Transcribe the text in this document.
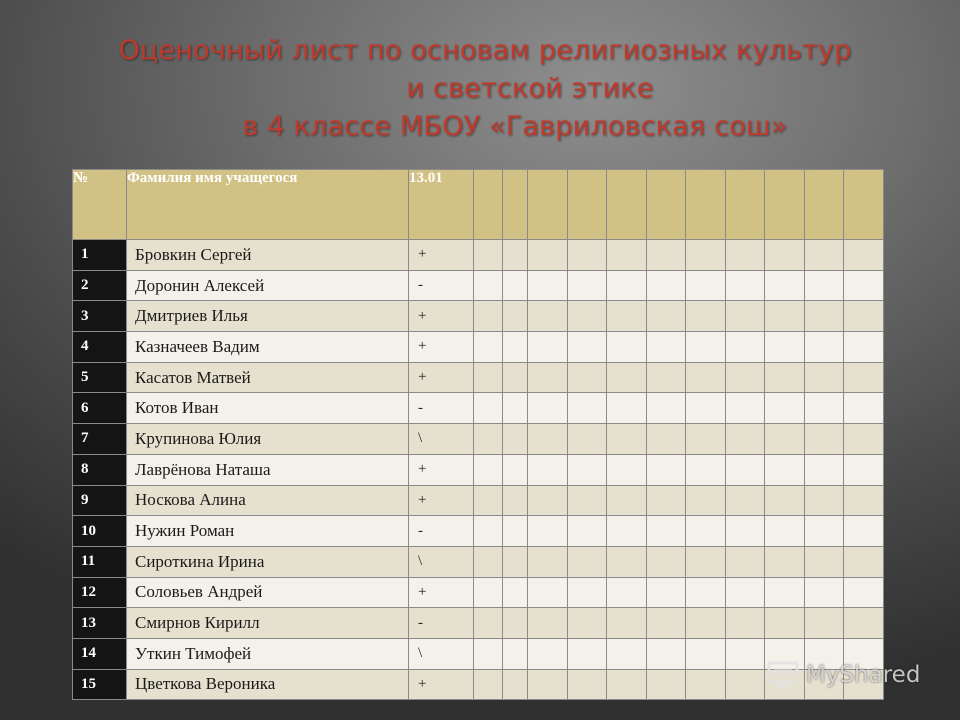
Оценочный лист по основам религиозных культур
и светской этике
в 4 классе МБОУ «Гавриловская сош»
№	Фамилия имя учащегося	13.01											
1	Бровкин Сергей	+											
2	Доронин Алексей	-											
3	Дмитриев Илья	+											
4	Казначеев Вадим	+											
5	Касатов Матвей	+											
6	Котов Иван	-											
7	Крупинова Юлия	\											
8	Лаврёнова Наташа	+											
9	Носкова Алина	+											
10	Нужин Роман	-											
11	Сироткина Ирина	\											
12	Соловьев Андрей	+											
13	Смирнов Кирилл	-											
14	Уткин Тимофей	\											
15	Цветкова Вероника	+												MyShared
